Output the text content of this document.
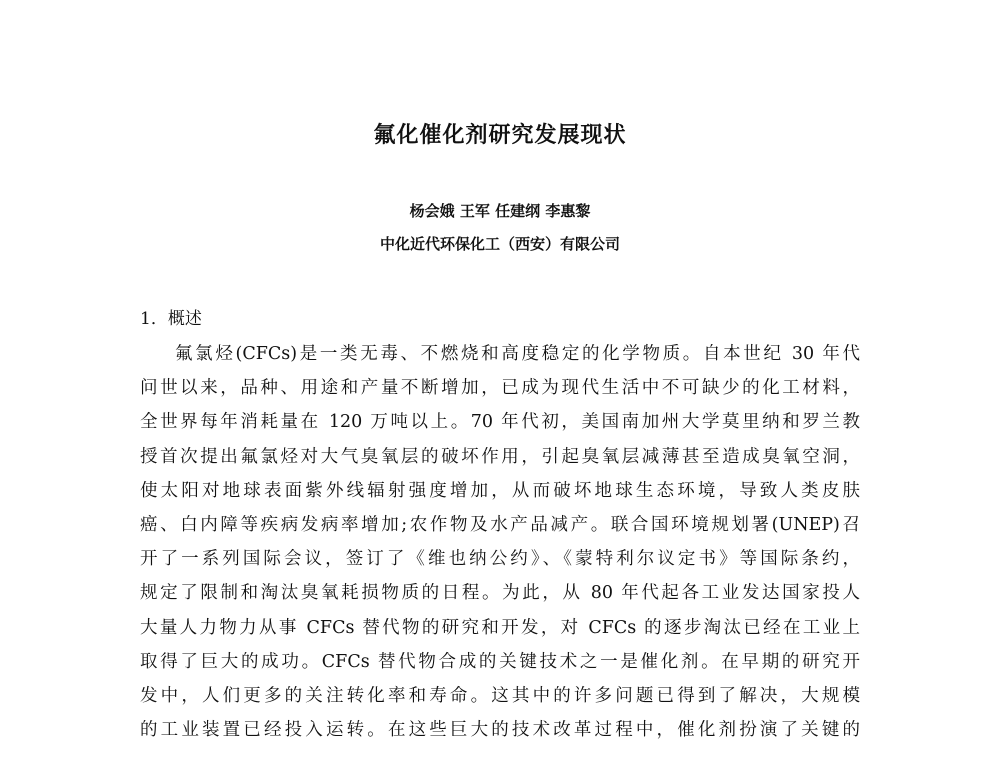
氟化催化剂研究发展现状
杨会娥 王军 任建纲 李惠黎
中化近代环保化工（西安）有限公司
1．概述
氟氯烃(CFCs)是一类无毒、不燃烧和高度稳定的化学物质。自本世纪 30 年代
问世以来，品种、用途和产量不断增加，已成为现代生活中不可缺少的化工材料，
全世界每年消耗量在 120 万吨以上。70 年代初，美国南加州大学莫里纳和罗兰教
授首次提出氟氯烃对大气臭氧层的破坏作用，引起臭氧层减薄甚至造成臭氧空洞，
使太阳对地球表面紫外线辐射强度增加，从而破坏地球生态环境，导致人类皮肤
癌、白内障等疾病发病率增加;农作物及水产品减产。联合国环境规划署(UNEP)召
开了一系列国际会议，签订了《维也纳公约》、《蒙特利尔议定书》等国际条约，
规定了限制和淘汰臭氧耗损物质的日程。为此，从 80 年代起各工业发达国家投人
大量人力物力从事 CFCs 替代物的研究和开发，对 CFCs 的逐步淘汰已经在工业上
取得了巨大的成功。CFCs 替代物合成的关键技术之一是催化剂。在早期的研究开
发中，人们更多的关注转化率和寿命。这其中的许多问题已得到了解决，大规模
的工业装置已经投入运转。在这些巨大的技术改革过程中，催化剂扮演了关键的
